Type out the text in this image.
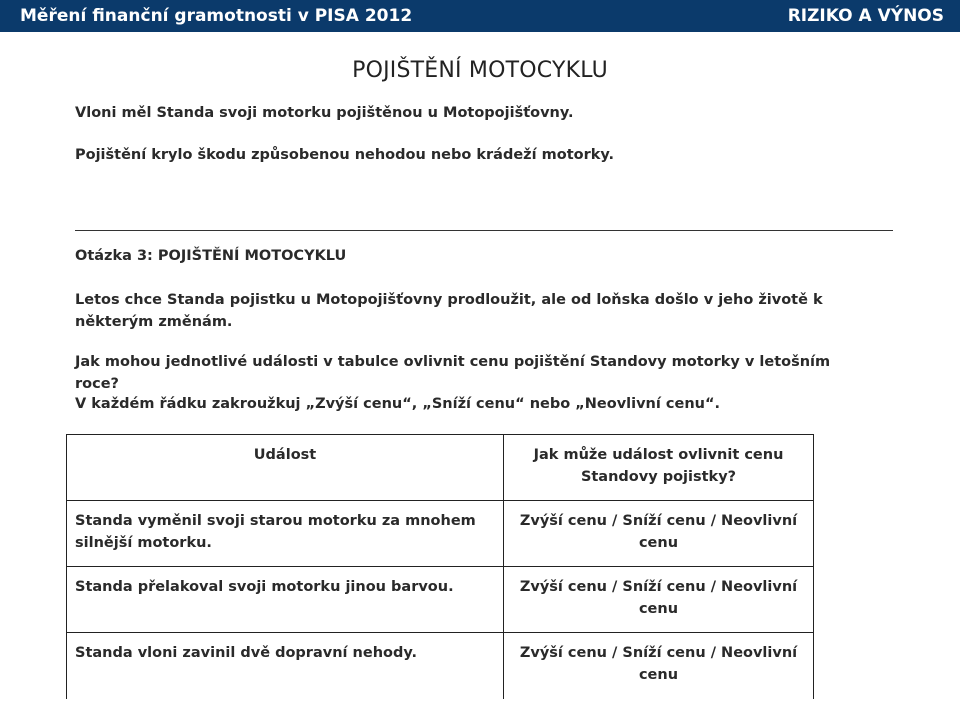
Měření finanční gramotnosti v PISA 2012	RIZIKO A VÝNOS
POJIŠTĚNÍ MOTOCYKLU
Vloni měl Standa svoji motorku pojištěnou u Motopojišťovny.
Pojištění krylo škodu způsobenou nehodou nebo krádeží motorky.
Otázka 3: POJIŠTĚNÍ MOTOCYKLU
Letos chce Standa pojistku u Motopojišťovny prodloužit, ale od loňska došlo v jeho životě k některým změnám.
Jak mohou jednotlivé události v tabulce ovlivnit cenu pojištění Standovy motorky v letošním roce?
V každém řádku zakroužkuj „Zvýší cenu“, „Sníží cenu“ nebo „Neovlivní cenu“.
Událost	Jak může událost ovlivnit cenu Standovy pojistky?
Standa vyměnil svoji starou motorku za mnohem silnější motorku.	Zvýší cenu / Sníží cenu / Neovlivní cenu
Standa přelakoval svoji motorku jinou barvou.	Zvýší cenu / Sníží cenu / Neovlivní cenu
Standa vloni zavinil dvě dopravní nehody.	Zvýší cenu / Sníží cenu / Neovlivní cenu
